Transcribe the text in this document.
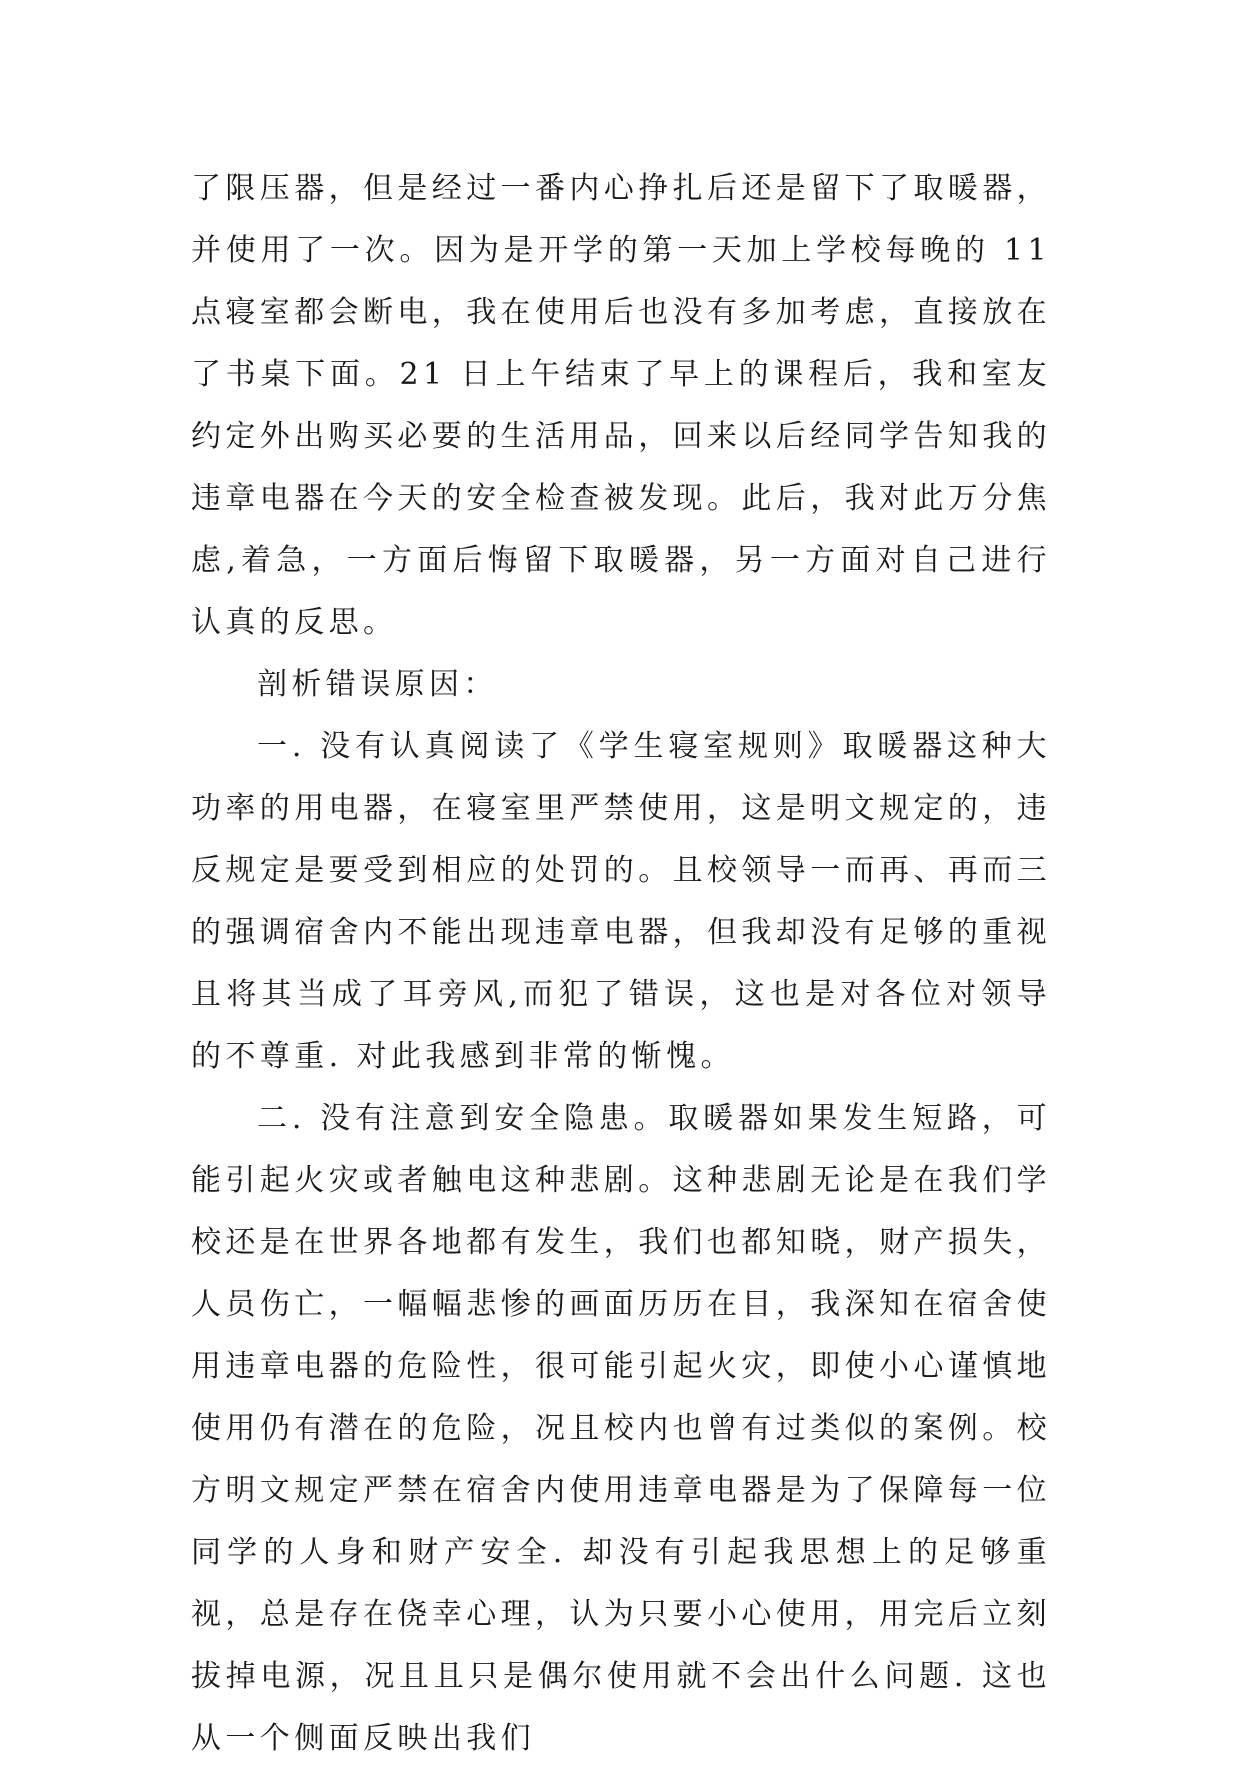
了限压器，但是经过一番内心挣扎后还是留下了取暖器，并使用了一次。因为是开学的第一天加上学校每晚的 11 点寝室都会断电，我在使用后也没有多加考虑，直接放在了书桌下面。21 日上午结束了早上的课程后，我和室友约定外出购买必要的生活用品，回来以后经同学告知我的违章电器在今天的安全检查被发现。此后，我对此万分焦虑,着急，一方面后悔留下取暖器，另一方面对自己进行认真的反思。

剖析错误原因：

一. 没有认真阅读了《学生寝室规则》取暖器这种大功率的用电器，在寝室里严禁使用，这是明文规定的，违反规定是要受到相应的处罚的。且校领导一而再、再而三的强调宿舍内不能出现违章电器，但我却没有足够的重视且将其当成了耳旁风,而犯了错误，这也是对各位对领导的不尊重. 对此我感到非常的惭愧。

二. 没有注意到安全隐患。取暖器如果发生短路，可能引起火灾或者触电这种悲剧。这种悲剧无论是在我们学校还是在世界各地都有发生，我们也都知晓，财产损失，人员伤亡，一幅幅悲惨的画面历历在目，我深知在宿舍使用违章电器的危险性，很可能引起火灾，即使小心谨慎地使用仍有潜在的危险，况且校内也曾有过类似的案例。校方明文规定严禁在宿舍内使用违章电器是为了保障每一位同学的人身和财产安全. 却没有引起我思想上的足够重视，总是存在侥幸心理，认为只要小心使用，用完后立刻拔掉电源，况且且只是偶尔使用就不会出什么问题. 这也从一个侧面反映出我们
